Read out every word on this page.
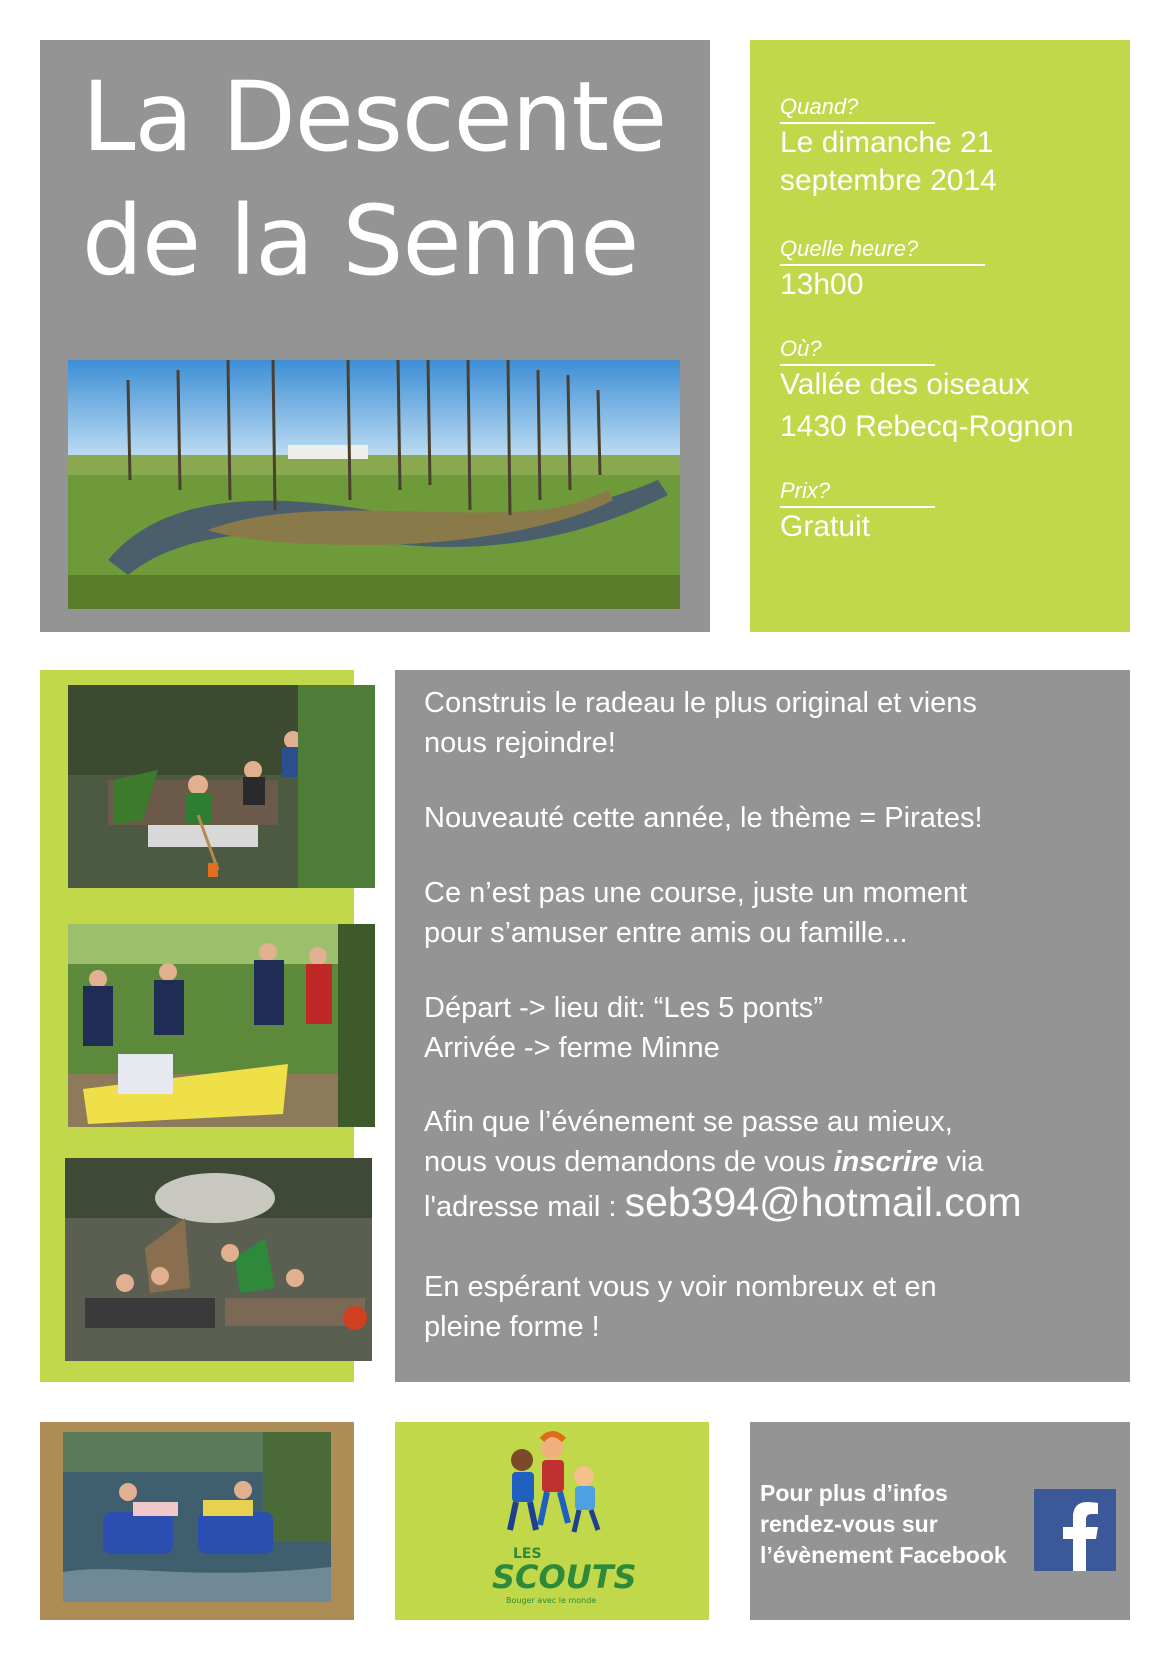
La Descente
de la Senne
Quand?
Le dimanche 21
septembre 2014
Quelle heure?
13h00
Où?
Vallée des oiseaux
1430 Rebecq-Rognon
Prix?
Gratuit
Construis le radeau le plus original et viens
nous rejoindre!
Nouveauté cette année, le thème = Pirates!
Ce n’est pas une course, juste un moment
pour s’amuser entre amis ou famille...
Départ -> lieu dit: “Les 5 ponts”
Arrivée -> ferme Minne
Afin que l’événement se passe au mieux,
nous vous demandons de vous inscrire via
l'adresse mail : seb394@hotmail.com
En espérant vous y voir nombreux et en
pleine forme !
LES
SCOUTS
Bouger avec le monde
Pour plus d’infos
rendez-vous sur
l’évènement Facebook
